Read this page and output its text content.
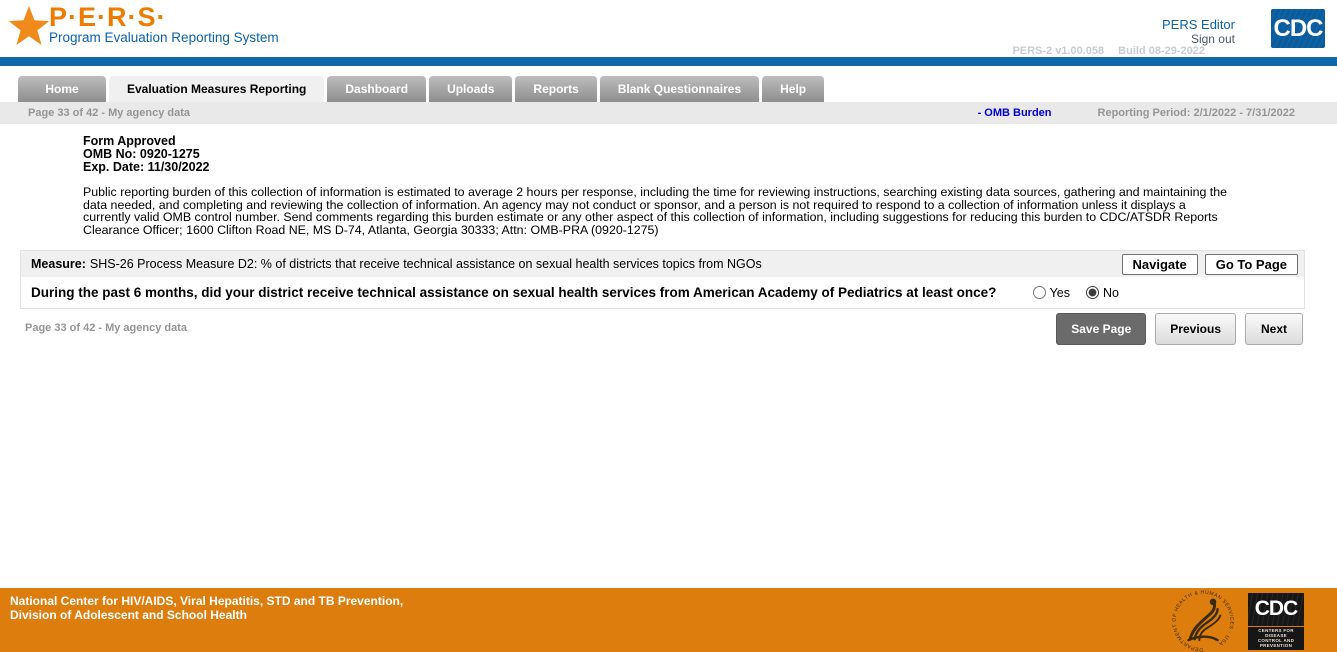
P·E·R·S·
Program Evaluation Reporting System
PERS Editor
Sign out CDC
PERS-2 v1.00.058 Build 08-29-2022
Home	Evaluation Measures Reporting	Dashboard	Uploads	Reports	Blank Questionnaires	Help
Page 33 of 42 - My agency data	- OMB Burden	Reporting Period: 2/1/2022 - 7/31/2022
Form Approved
OMB No: 0920-1275
Exp. Date: 11/30/2022
Public reporting burden of this collection of information is estimated to average 2 hours per response, including the time for reviewing instructions, searching existing data sources, gathering and maintaining the data needed, and completing and reviewing the collection of information. An agency may not conduct or sponsor, and a person is not required to respond to a collection of information unless it displays a currently valid OMB control number. Send comments regarding this burden estimate or any other aspect of this collection of information, including suggestions for reducing this burden to CDC/ATSDR Reports Clearance Officer; 1600 Clifton Road NE, MS D-74, Atlanta, Georgia 30333; Attn: OMB-PRA (0920-1275)
Measure: SHS-26 Process Measure D2: % of districts that receive technical assistance on sexual health services topics from NGOs	Navigate	Go To Page
During the past 6 months, did your district receive technical assistance on sexual health services from American Academy of Pediatrics at least once?	Yes	No
Page 33 of 42 - My agency data	Save Page	Previous	Next
National Center for HIV/AIDS, Viral Hepatitis, STD and TB Prevention,
Division of Adolescent and School Health
DEPARTMENT OF HEALTH & HUMAN SERVICES · USA
CDC
CENTERS FOR DISEASE
CONTROL AND PREVENTION
